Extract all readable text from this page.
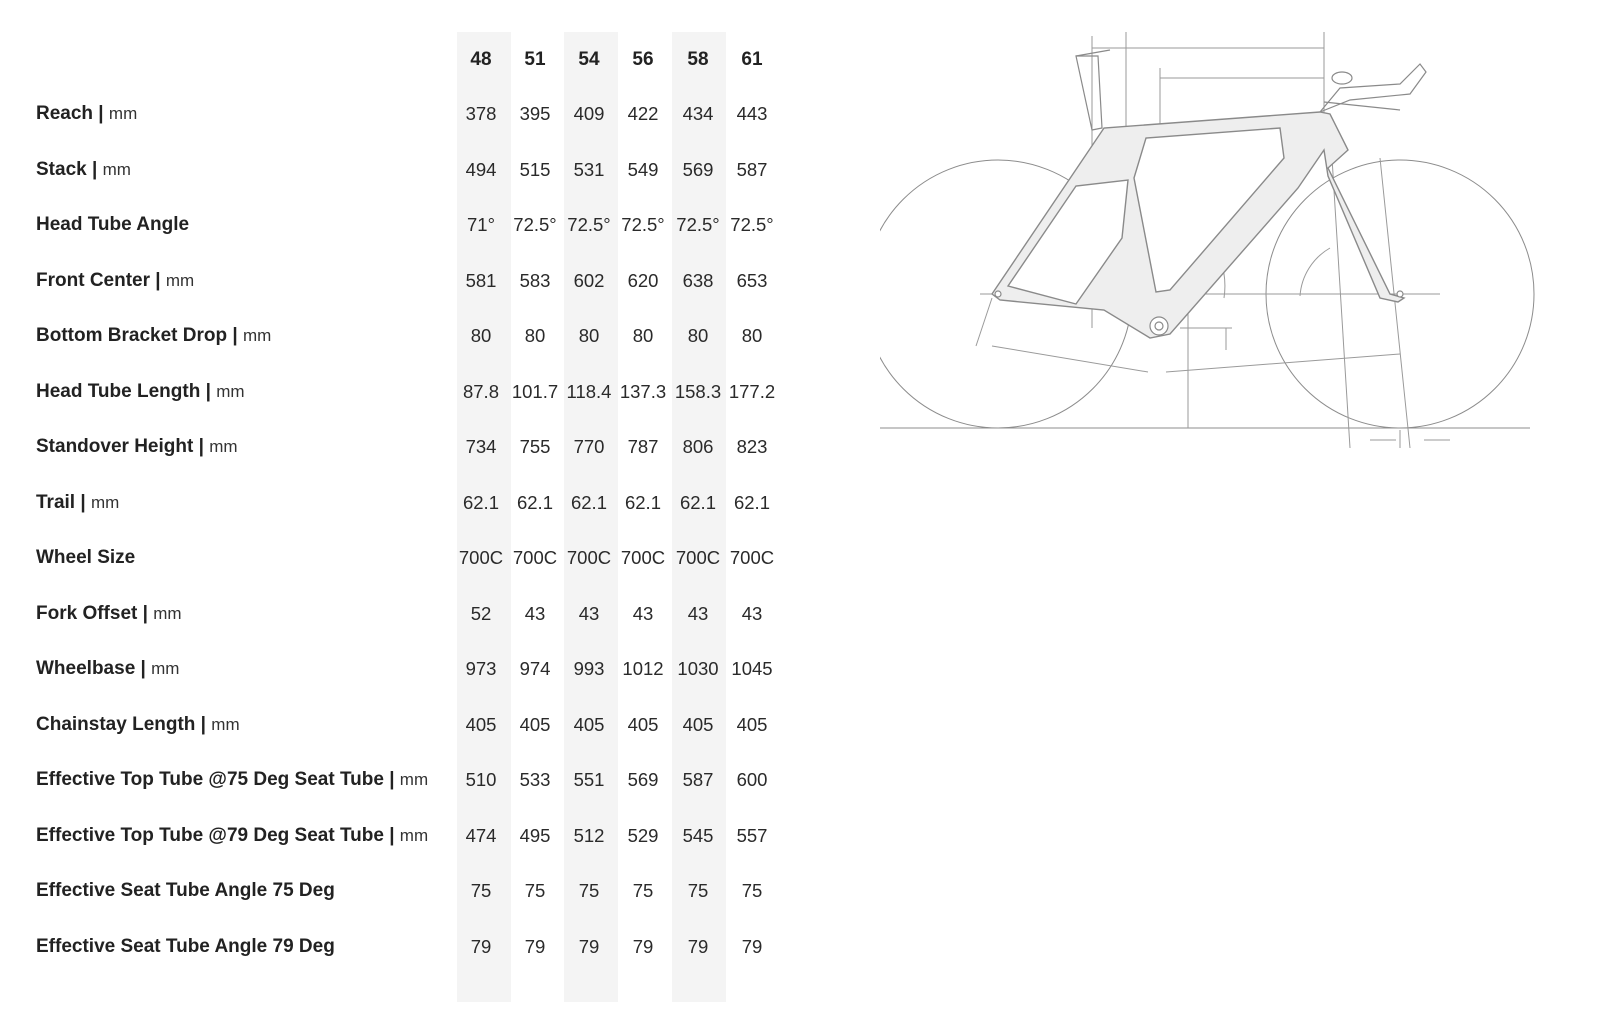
48	51	54	56	58	61
Reach | mm	378	395	409	422	434	443
Stack | mm	494	515	531	549	569	587
Head Tube Angle	71° 72.5° 72.5° 72.5° 72.5° 72.5°
Front Center | mm	581	583	602	620	638	653
Bottom Bracket Drop | mm	80	80	80	80	80	80
Head Tube Length | mm	87.8 101.7 118.4 137.3 158.3 177.2
Standover Height | mm	734	755	770	787	806	823
Trail | mm	62.1 62.1 62.1 62.1	62.1 62.1
Wheel Size	700C 700C 700C 700C 700C 700C
Fork Offset | mm	52	43	43	43	43	43
Wheelbase | mm	973	974	993 1012 1030 1045
Chainstay Length | mm	405	405	405	405	405	405
Effective Top Tube @75 Deg Seat Tube | mm	510	533	551	569	587	600
Effective Top Tube @79 Deg Seat Tube | mm	474	495	512	529	545	557
Effective Seat Tube Angle 75 Deg	75	75	75	75	75	75
Effective Seat Tube Angle 79 Deg	79	79	79	79	79	79
